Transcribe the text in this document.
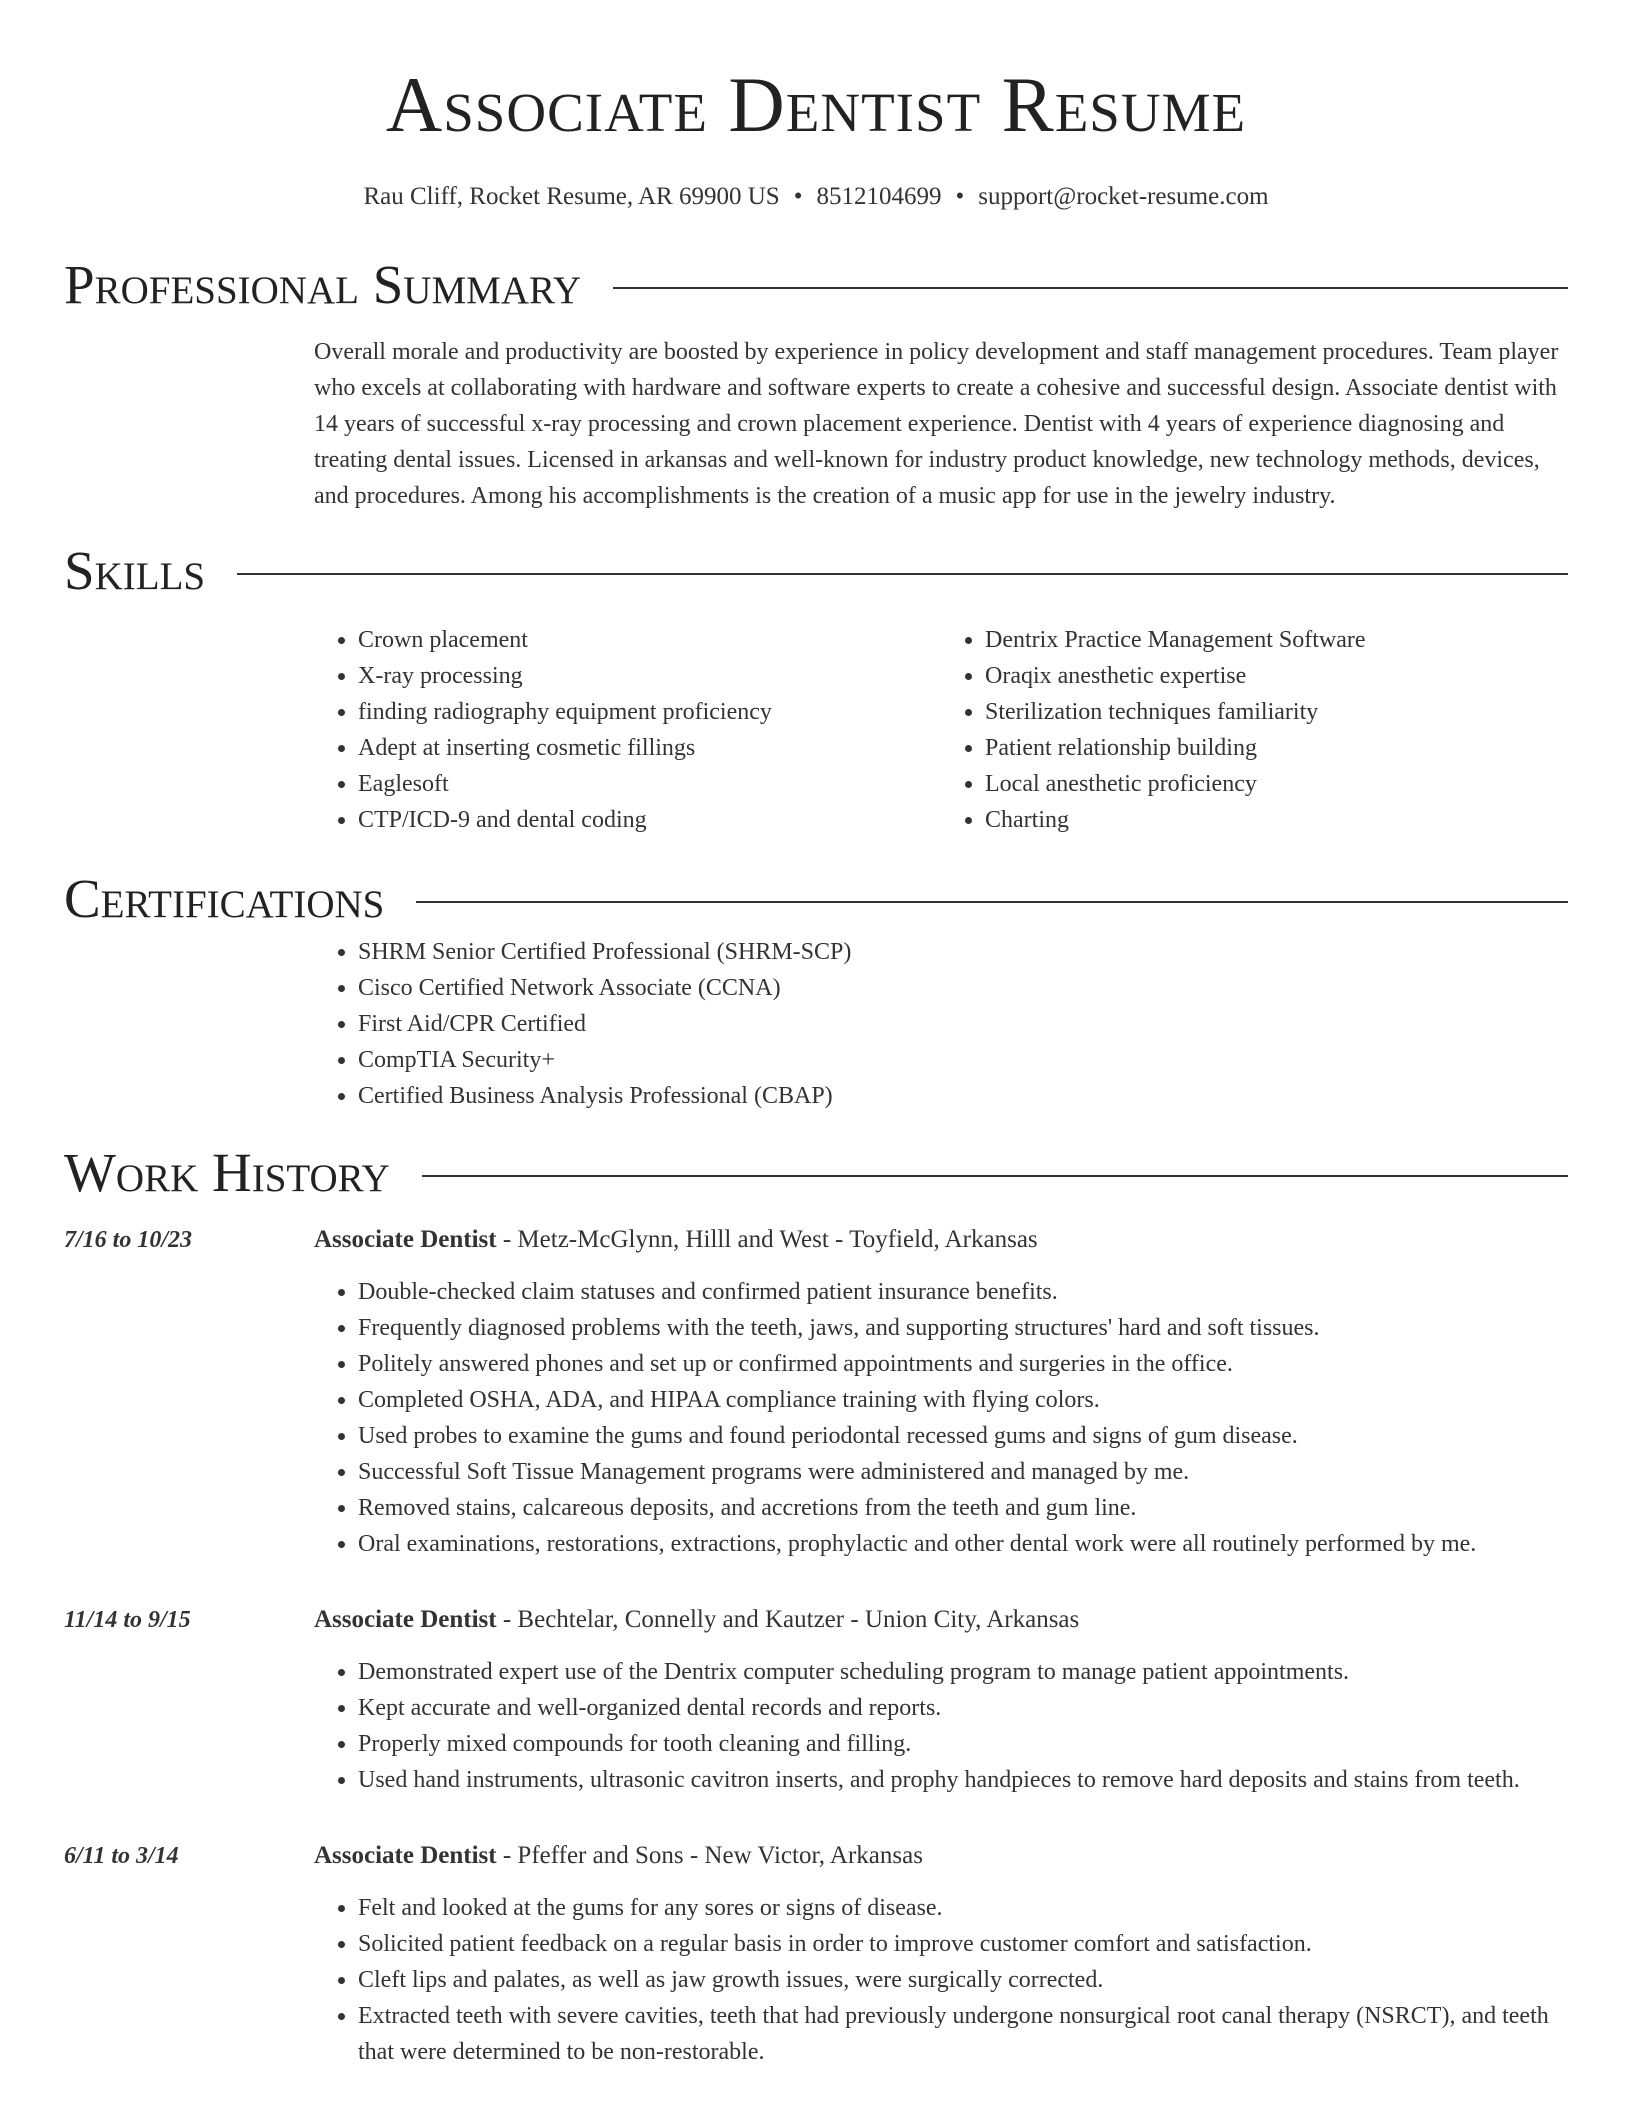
Associate Dentist Resume
Rau Cliff, Rocket Resume, AR 69900 US • 8512104699 • support@rocket-resume.com
Professional Summary

Overall morale and productivity are boosted by experience in policy development and staff management procedures. Team player who excels at collaborating with hardware and software experts to create a cohesive and successful design. Associate dentist with 14 years of successful x-ray processing and crown placement experience. Dentist with 4 years of experience diagnosing and treating dental issues. Licensed in arkansas and well-known for industry product knowledge, new technology methods, devices, and procedures. Among his accomplishments is the creation of a music app for use in the jewelry industry.

Skills
• Crown placement
• X-ray processing
• finding radiography equipment proficiency
• Adept at inserting cosmetic fillings
• Eaglesoft
• CTP/ICD-9 and dental coding
• Dentrix Practice Management Software
• Oraqix anesthetic expertise
• Sterilization techniques familiarity
• Patient relationship building
• Local anesthetic proficiency
• Charting
Certifications
• SHRM Senior Certified Professional (SHRM-SCP)
• Cisco Certified Network Associate (CCNA)
• First Aid/CPR Certified
• CompTIA Security+
• Certified Business Analysis Professional (CBAP)
Work History
7/16 to 10/23	Associate Dentist - Metz-McGlynn, Hilll and West - Toyfield, Arkansas
• Double-checked claim statuses and confirmed patient insurance benefits.
• Frequently diagnosed problems with the teeth, jaws, and supporting structures' hard and soft tissues.
• Politely answered phones and set up or confirmed appointments and surgeries in the office.
• Completed OSHA, ADA, and HIPAA compliance training with flying colors.
• Used probes to examine the gums and found periodontal recessed gums and signs of gum disease.
• Successful Soft Tissue Management programs were administered and managed by me.
• Removed stains, calcareous deposits, and accretions from the teeth and gum line.
• Oral examinations, restorations, extractions, prophylactic and other dental work were all routinely performed by me.
11/14 to 9/15	Associate Dentist - Bechtelar, Connelly and Kautzer - Union City, Arkansas
• Demonstrated expert use of the Dentrix computer scheduling program to manage patient appointments.
• Kept accurate and well-organized dental records and reports.
• Properly mixed compounds for tooth cleaning and filling.
• Used hand instruments, ultrasonic cavitron inserts, and prophy handpieces to remove hard deposits and stains from teeth.
6/11 to 3/14	Associate Dentist - Pfeffer and Sons - New Victor, Arkansas
• Felt and looked at the gums for any sores or signs of disease.
• Solicited patient feedback on a regular basis in order to improve customer comfort and satisfaction.
• Cleft lips and palates, as well as jaw growth issues, were surgically corrected.
• Extracted teeth with severe cavities, teeth that had previously undergone nonsurgical root canal therapy (NSRCT), and teeth that were determined to be non-restorable.
